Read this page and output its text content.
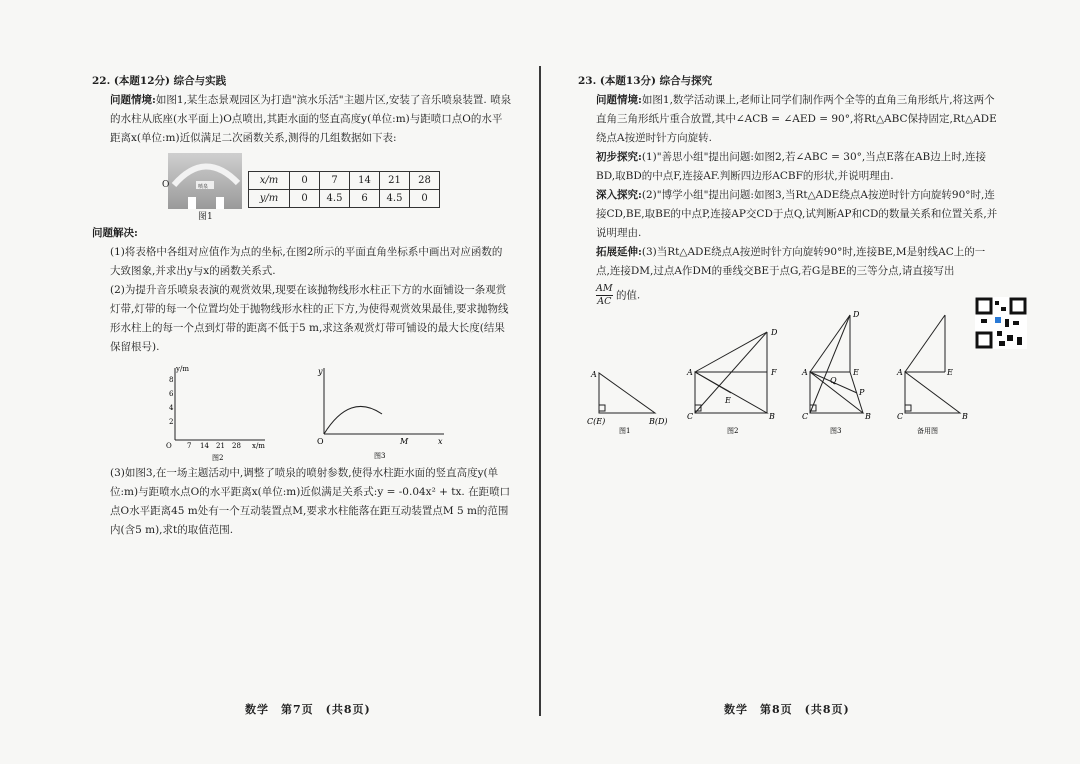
22. (本题12分) 综合与实践

问题情境:如图1,某生态景观园区为打造"滨水乐活"主题片区,安装了音乐喷泉装置. 喷泉的水柱从底座(水平面上)O点喷出,其距水面的竖直高度y(单位:m)与距喷口点O的水平距离x(单位:m)近似满足二次函数关系,测得的几组数据如下表:

喷泉
O
图1
x/m	0	7	14	21	28
y/m	0	4.5	6	4.5	0
问题解决:

(1)将表格中各组对应值作为点的坐标,在图2所示的平面直角坐标系中画出对应函数的大致图象,并求出y与x的函数关系式.

(2)为提升音乐喷泉表演的观赏效果,现要在该抛物线形水柱正下方的水面铺设一条观赏灯带,灯带的每一个位置均处于抛物线形水柱的正下方,为使得观赏效果最佳,要求抛物线形水柱上的每一个点到灯带的距离不低于5 m,求这条观赏灯带可铺设的最大长度(结果保留根号).

y/m
x/m
O
8
6
4
2
7 14 21 28
图2
y
x
O	M
图3

(3)如图3,在一场主题活动中,调整了喷泉的喷射参数,使得水柱距水面的竖直高度y(单位:m)与距喷水点O的水平距离x(单位:m)近似满足关系式:y = -0.04x² + tx. 在距喷口点O水平距离45 m处有一个互动装置点M,要求水柱能落在距互动装置点M 5 m的范围内(含5 m),求t的取值范围.

数学　第7页　(共8页)
23. (本题13分) 综合与探究

问题情境:如图1,数学活动课上,老师让同学们制作两个全等的直角三角形纸片,将这两个直角三角形纸片重合放置,其中∠ACB = ∠AED = 90°,将Rt△ABC保持固定,Rt△ADE绕点A按逆时针方向旋转.

初步探究:(1)"善思小组"提出问题:如图2,若∠ABC = 30°,当点E落在AB边上时,连接BD,取BD的中点F,连接AF.判断四边形ACBF的形状,并说明理由.

深入探究:(2)"博学小组"提出问题:如图3,当Rt△ADE绕点A按逆时针方向旋转90°时,连接CD,BE,取BE的中点P,连接AP交CD于点Q,试判断AP和CD的数量关系和位置关系,并说明理由.

拓展延伸:(3)当Rt△ADE绕点A按逆时针方向旋转90°时,连接BE,M是射线AC上的一点,连接DM,过点A作DM的垂线交BE于点G,若G是BE的三等分点,请直接写出

$\frac{AM}{AC}$ 的值.
A
C(E)	B(D)
图1
A
D
F
E
C	B
图2
A
D
E
Q
P
C	B
图3
A	E
C	B
备用图
数学　第8页　(共8页)
